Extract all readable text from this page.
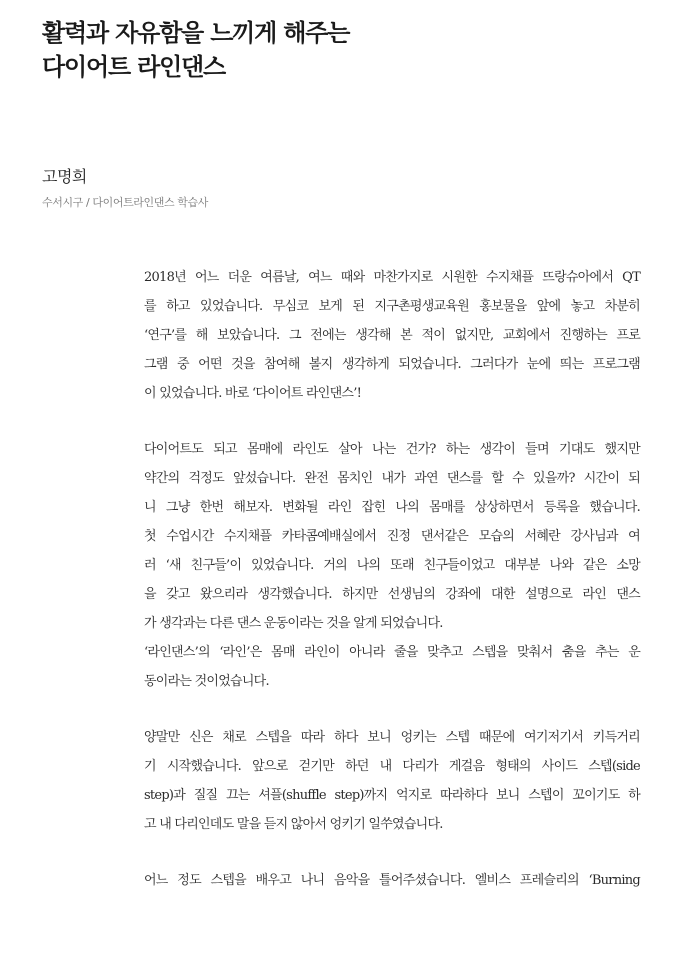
활력과 자유함을 느끼게 해주는
다이어트 라인댄스
고명희
수서시구 / 다이어트라인댄스 학습사
2018년 어느 더운 여름날, 여느 때와 마찬가지로 시원한 수지채플 뜨랑슈아에서 QT
를 하고 있었습니다. 무심코 보게 된 지구촌평생교육원 홍보물을 앞에 놓고 차분히
‘연구’를 해 보았습니다. 그 전에는 생각해 본 적이 없지만, 교회에서 진행하는 프로
그램 중 어떤 것을 참여해 볼지 생각하게 되었습니다. 그러다가 눈에 띄는 프로그램
이 있었습니다. 바로 ‘다이어트 라인댄스’!
다이어트도 되고 몸매에 라인도 살아 나는 건가? 하는 생각이 들며 기대도 했지만
약간의 걱정도 앞섰습니다. 완전 몸치인 내가 과연 댄스를 할 수 있을까? 시간이 되
니 그냥 한번 해보자. 변화될 라인 잡힌 나의 몸매를 상상하면서 등록을 했습니다.
첫 수업시간 수지채플 카타콤예배실에서 진정 댄서같은 모습의 서혜란 강사님과 여
러 ‘새 친구들’이 있었습니다. 거의 나의 또래 친구들이었고 대부분 나와 같은 소망
을 갖고 왔으리라 생각했습니다. 하지만 선생님의 강좌에 대한 설명으로 라인 댄스
가 생각과는 다른 댄스 운동이라는 것을 알게 되었습니다.
‘라인댄스’의 ‘라인’은 몸매 라인이 아니라 줄을 맞추고 스텝을 맞춰서 춤을 추는 운
동이라는 것이었습니다.
양말만 신은 채로 스텝을 따라 하다 보니 엉키는 스텝 때문에 여기저기서 키득거리
기 시작했습니다. 앞으로 걷기만 하던 내 다리가 게걸음 형태의 사이드 스텝(side
step)과 질질 끄는 셔플(shuffle step)까지 억지로 따라하다 보니 스텝이 꼬이기도 하
고 내 다리인데도 말을 듣지 않아서 엉키기 일쑤였습니다.
어느 정도 스텝을 배우고 나니 음악을 틀어주셨습니다. 엘비스 프레슬리의 ‘Burning
